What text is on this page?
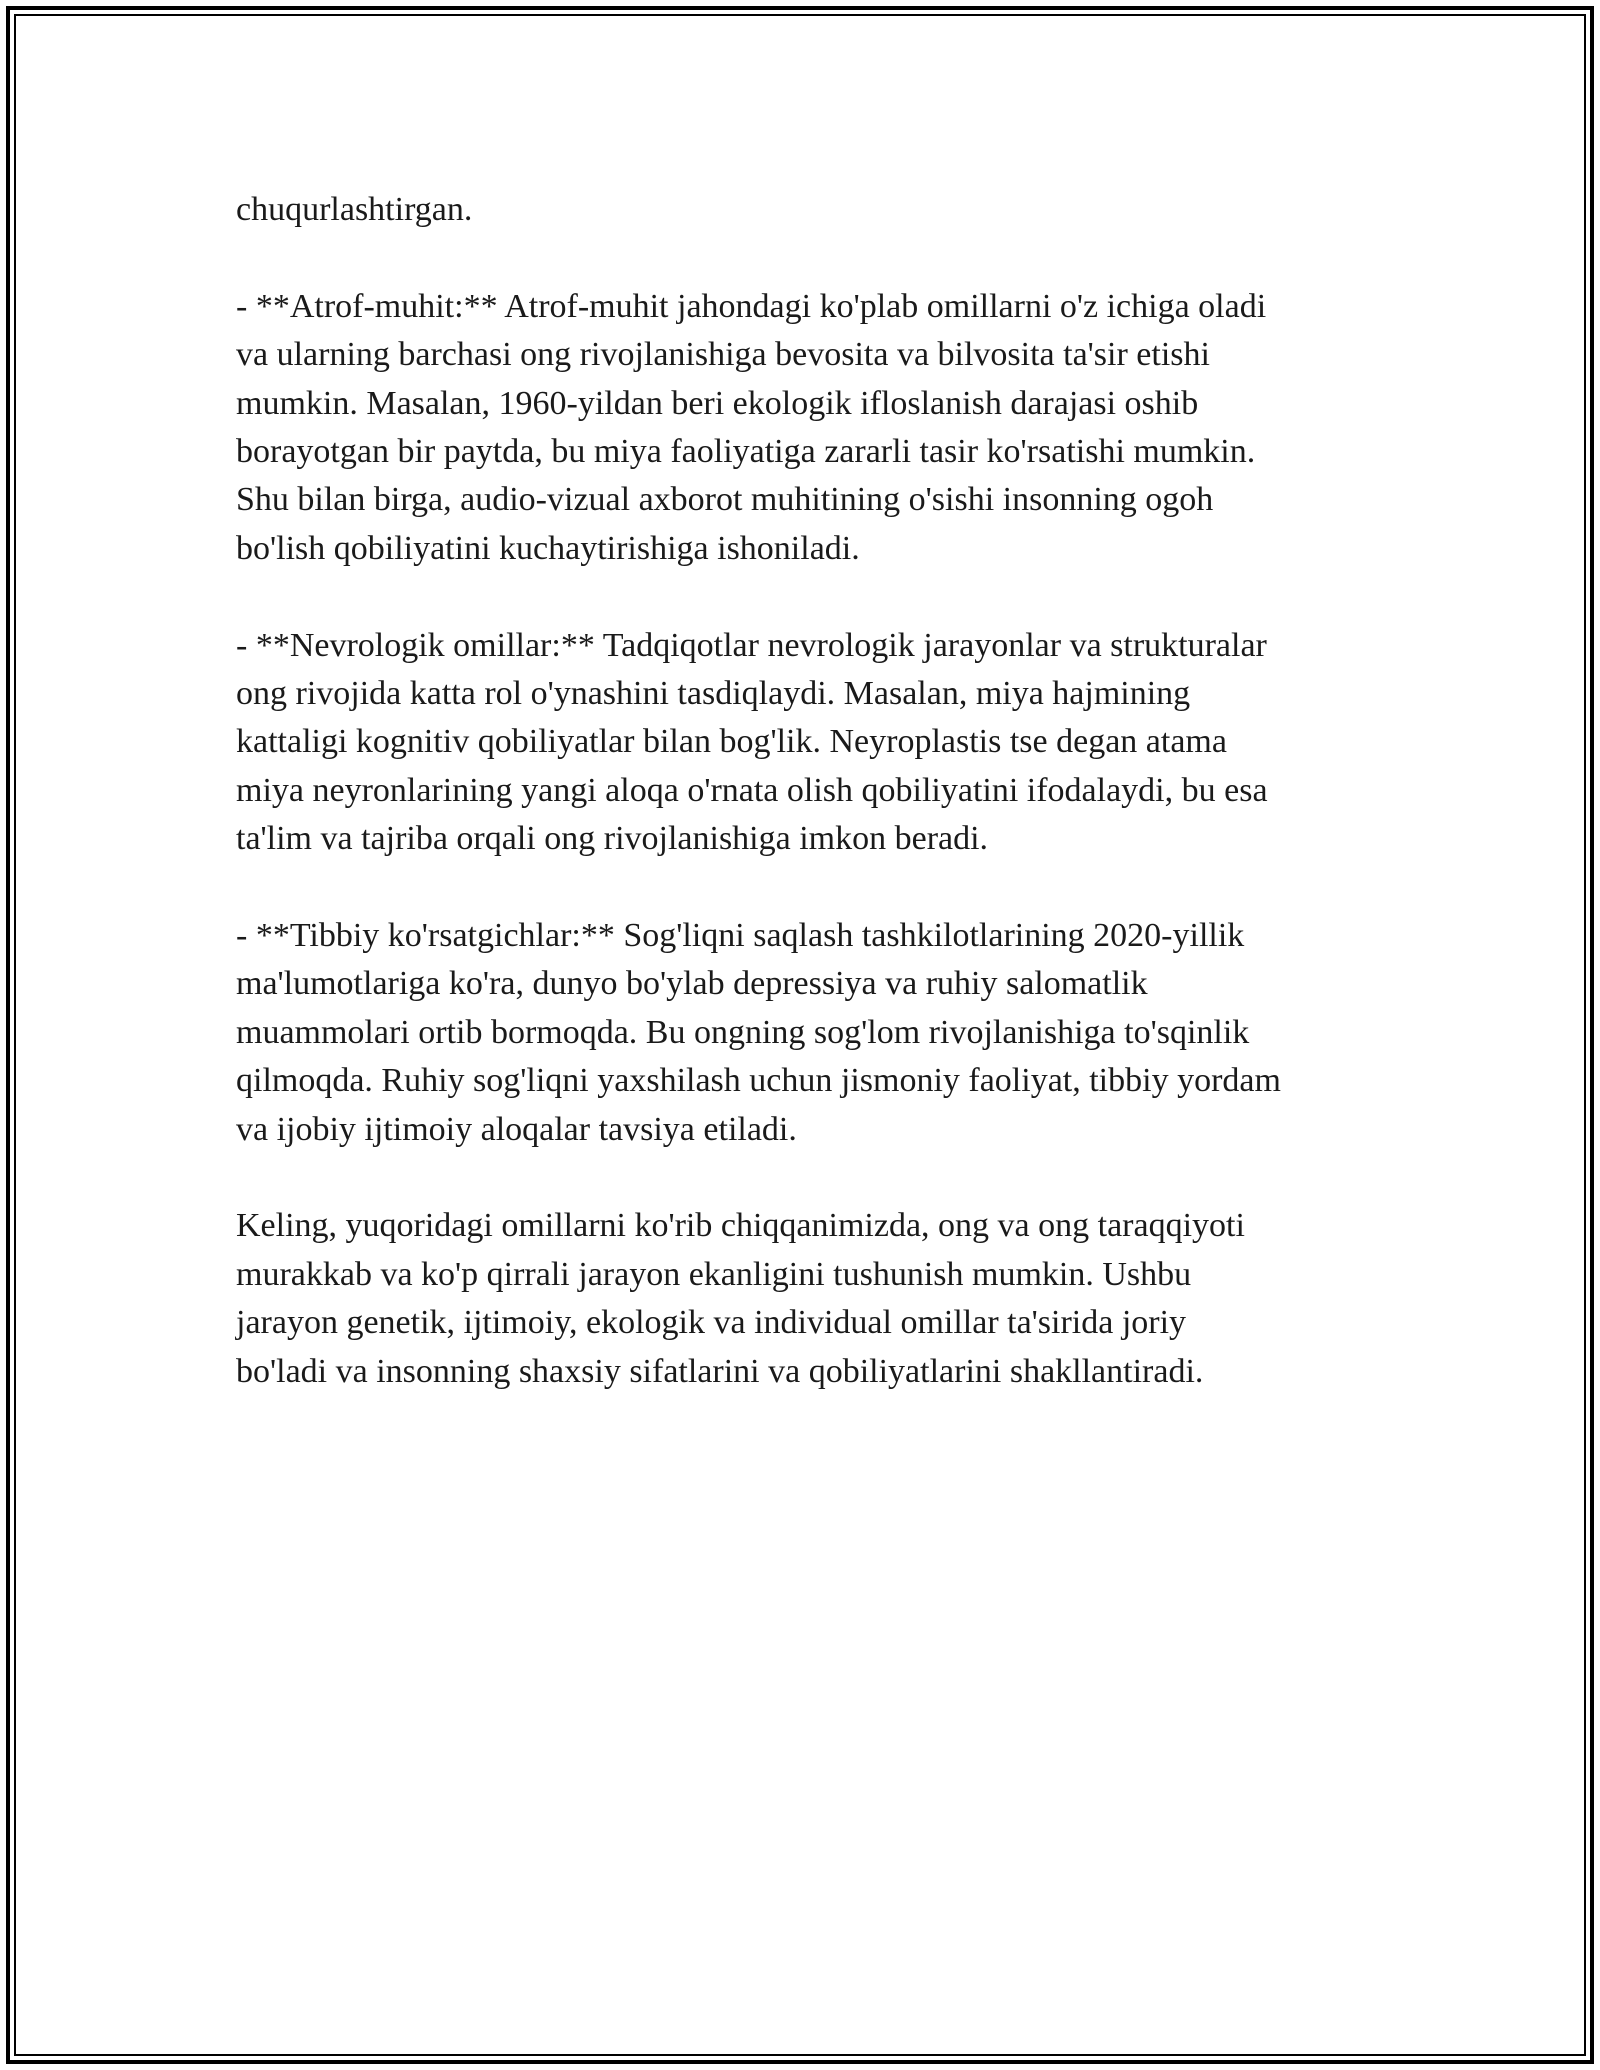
chuqurlashtirgan.

- **Atrof-muhit:** Atrof-muhit jahondagi ko'plab omillarni o'z ichiga oladi
va ularning barchasi ong rivojlanishiga bevosita va bilvosita ta'sir etishi
mumkin. Masalan, 1960-yildan beri ekologik ifloslanish darajasi oshib
borayotgan bir paytda, bu miya faoliyatiga zararli tasir ko'rsatishi mumkin.
Shu bilan birga, audio-vizual axborot muhitining o'sishi insonning ogoh
bo'lish qobiliyatini kuchaytirishiga ishoniladi.

- **Nevrologik omillar:** Tadqiqotlar nevrologik jarayonlar va strukturalar
ong rivojida katta rol o'ynashini tasdiqlaydi. Masalan, miya hajmining
kattaligi kognitiv qobiliyatlar bilan bog'lik. Neyroplastis tse degan atama
miya neyronlarining yangi aloqa o'rnata olish qobiliyatini ifodalaydi, bu esa
ta'lim va tajriba orqali ong rivojlanishiga imkon beradi.

- **Tibbiy ko'rsatgichlar:** Sog'liqni saqlash tashkilotlarining 2020-yillik
ma'lumotlariga ko'ra, dunyo bo'ylab depressiya va ruhiy salomatlik
muammolari ortib bormoqda. Bu ongning sog'lom rivojlanishiga to'sqinlik
qilmoqda. Ruhiy sog'liqni yaxshilash uchun jismoniy faoliyat, tibbiy yordam
va ijobiy ijtimoiy aloqalar tavsiya etiladi.

Keling, yuqoridagi omillarni ko'rib chiqqanimizda, ong va ong taraqqiyoti
murakkab va ko'p qirrali jarayon ekanligini tushunish mumkin. Ushbu
jarayon genetik, ijtimoiy, ekologik va individual omillar ta'sirida joriy
bo'ladi va insonning shaxsiy sifatlarini va qobiliyatlarini shakllantiradi.
